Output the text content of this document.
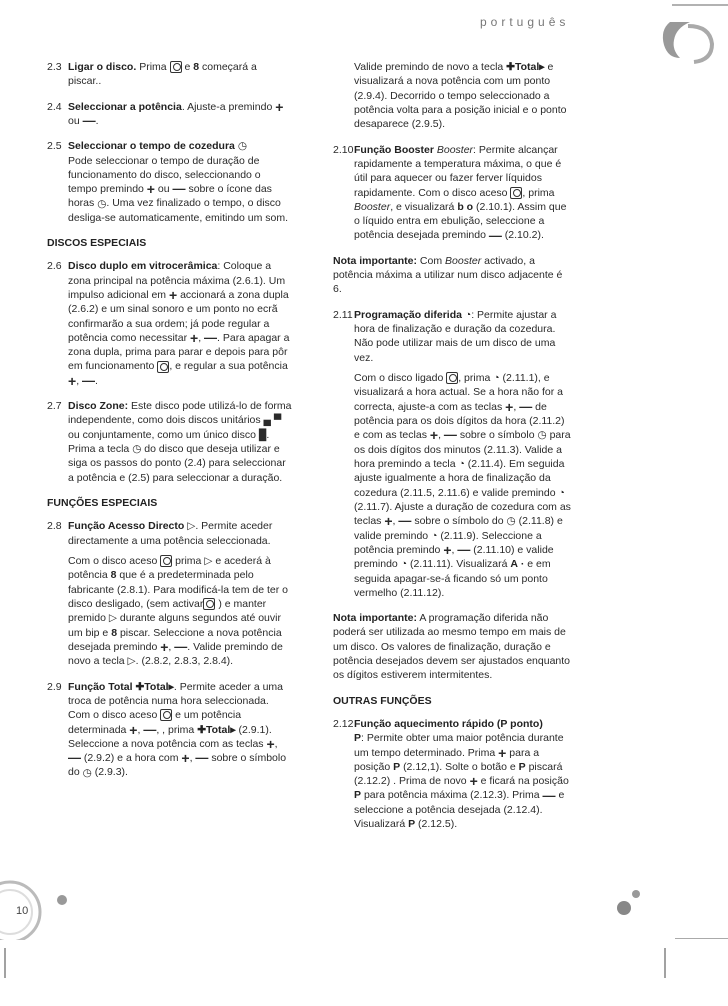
português
10
2.3 Ligar o disco. Prima e 8 começará a piscar..
2.4 Seleccionar a potência. Ajuste-a premindo + ou —.
2.5 Seleccionar o tempo de cozedura ◷
Pode seleccionar o tempo de duração de funcionamento do disco, seleccionando o tempo premindo + ou — sobre o ícone das horas ◷. Uma vez finalizado o tempo, o disco desliga-se automaticamente, emitindo um som.
DISCOS ESPECIAIS
2.6 Disco duplo em vitrocerâmica: Coloque a zona principal na potência máxima (2.6.1). Um impulso adicional em + accionará a zona dupla (2.6.2) e um sinal sonoro e um ponto no ecrã confirmarão a sua ordem; já pode regular a potência como necessitar +, —. Para apagar a zona dupla, prima para parar e depois para pôr em funcionamento , e regular a sua potência +, —.
2.7 Disco Zone: Este disco pode utilizá-lo de forma independente, como dois discos unitários ▄ ▀ ou conjuntamente, como um único disco █. Prima a tecla ◷ do disco que deseja utilizar e siga os passos do ponto (2.4) para seleccionar a potência e (2.5) para seleccionar a duração.
FUNÇÕES ESPECIAIS
2.8 Função Acesso Directo ▷. Permite aceder directamente a uma potência seleccionada.
Com o disco aceso prima ▷ e acederá à potência 8 que é a predeterminada pelo fabricante (2.8.1). Para modificá-la tem de ter o disco desligado, (sem activar ) e manter premido ▷ durante alguns segundos até ouvir um bip e 8 piscar. Seleccione a nova potência desejada premindo +, —. Valide premindo de novo a tecla ▷. (2.8.2, 2.8.3, 2.8.4).
2.9 Função Total ✚Total▸. Permite aceder a uma troca de potência numa hora seleccionada. Com o disco aceso e um potência determinada +, —, , prima ✚Total▸ (2.9.1). Seleccione a nova potência com as teclas +, — (2.9.2) e a hora com +, — sobre o símbolo do ◷ (2.9.3).
Valide premindo de novo a tecla ✚Total▸ e visualizará a nova potência com um ponto (2.9.4). Decorrido o tempo seleccionado a potência volta para a posição inicial e o ponto desaparece (2.9.5).
2.10 Função Booster Booster: Permite alcançar rapidamente a temperatura máxima, o que é útil para aquecer ou fazer ferver líquidos rapidamente. Com o disco aceso , prima Booster, e visualizará b o (2.10.1). Assim que o líquido entra em ebulição, seleccione a potência desejada premindo — (2.10.2).
Nota importante: Com Booster activado, a potência máxima a utilizar num disco adjacente é 6.
2.11 Programação diferida ◔: Permite ajustar a hora de finalização e duração da cozedura. Não pode utilizar mais de um disco de uma vez.
Com o disco ligado , prima ◔ (2.11.1), e visualizará a hora actual. Se a hora não for a correcta, ajuste-a com as teclas +, — de potência para os dois dígitos da hora (2.11.2) e com as teclas +, — sobre o símbolo ◷ para os dois dígitos dos minutos (2.11.3). Valide a hora premindo a tecla ◔ (2.11.4). Em seguida ajuste igualmente a hora de finalização da cozedura (2.11.5, 2.11.6) e valide premindo ◔ (2.11.7). Ajuste a duração de cozedura com as teclas +, — sobre o símbolo do ◷ (2.11.8) e valide premindo ◔ (2.11.9). Seleccione a potência premindo +, — (2.11.10) e valide premindo ◔ (2.11.11). Visualizará A · e em seguida apagar-se-á ficando só um ponto vermelho (2.11.12).
Nota importante: A programação diferida não poderá ser utilizada ao mesmo tempo em mais de um disco. Os valores de finalização, duração e potência desejados devem ser ajustados enquanto os dígitos estiverem intermitentes.
OUTRAS FUNÇÕES
2.12 Função aquecimento rápido (P ponto)
P: Permite obter uma maior potência durante um tempo determinado. Prima + para a posição P (2.12,1). Solte o botão e P piscará (2.12.2) . Prima de novo + e ficará na posição P para potência máxima (2.12.3). Prima — e seleccione a potência desejada (2.12.4). Visualizará P (2.12.5).
